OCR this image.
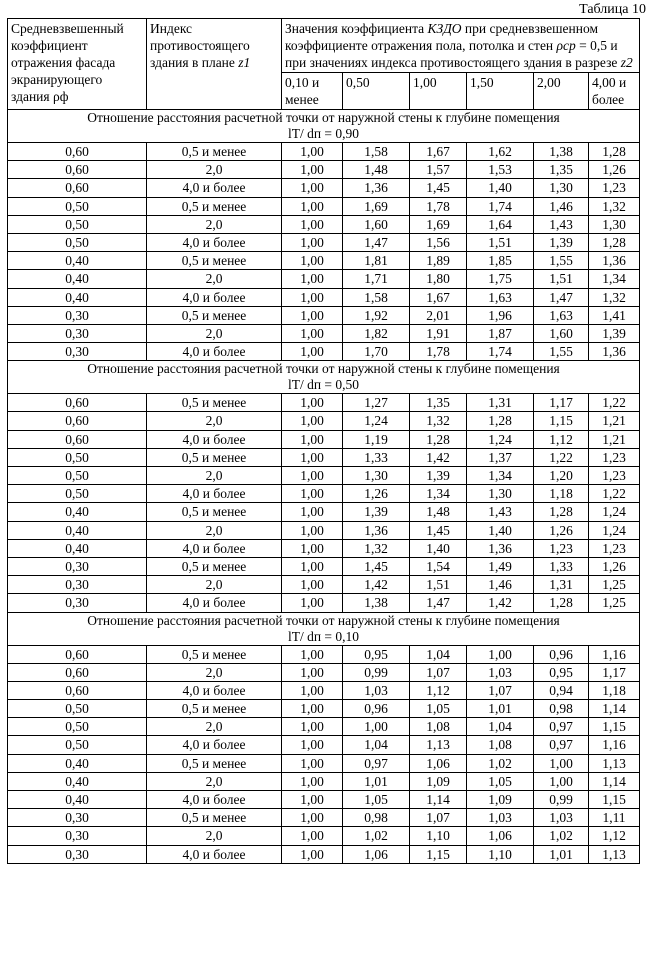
Таблица 10
Средневзвешенный коэффициент отражения фасада экранирующего здания ρф	Индекс противостоящего здания в плане z1	Значения коэффициента KЗДО при средневзвешенном коэффициенте отражения пола, потолка и стен ρср = 0,5 и при значениях индекса противостоящего здания в разрезе z2					
		0,10 и менее	0,50	1,00	1,50	2,00	4,00 и более

Отношение расстояния расчетной точки от наружной стены к глубине помещения
lT/ dп = 0,90							

0,60	0,5 и менее	1,00	1,58	1,67	1,62	1,38	1,28
0,60	2,0	1,00	1,48	1,57	1,53	1,35	1,26
0,60	4,0 и более	1,00	1,36	1,45	1,40	1,30	1,23
0,50	0,5 и менее	1,00	1,69	1,78	1,74	1,46	1,32
0,50	2,0	1,00	1,60	1,69	1,64	1,43	1,30
0,50	4,0 и более	1,00	1,47	1,56	1,51	1,39	1,28
0,40	0,5 и менее	1,00	1,81	1,89	1,85	1,55	1,36
0,40	2,0	1,00	1,71	1,80	1,75	1,51	1,34
0,40	4,0 и более	1,00	1,58	1,67	1,63	1,47	1,32
0,30	0,5 и менее	1,00	1,92	2,01	1,96	1,63	1,41
0,30	2,0	1,00	1,82	1,91	1,87	1,60	1,39
0,30	4,0 и более	1,00	1,70	1,78	1,74	1,55	1,36

Отношение расстояния расчетной точки от наружной стены к глубине помещения
lT/ dп = 0,50							

0,60	0,5 и менее	1,00	1,27	1,35	1,31	1,17	1,22
0,60	2,0	1,00	1,24	1,32	1,28	1,15	1,21
0,60	4,0 и более	1,00	1,19	1,28	1,24	1,12	1,21
0,50	0,5 и менее	1,00	1,33	1,42	1,37	1,22	1,23
0,50	2,0	1,00	1,30	1,39	1,34	1,20	1,23
0,50	4,0 и более	1,00	1,26	1,34	1,30	1,18	1,22
0,40	0,5 и менее	1,00	1,39	1,48	1,43	1,28	1,24
0,40	2,0	1,00	1,36	1,45	1,40	1,26	1,24
0,40	4,0 и более	1,00	1,32	1,40	1,36	1,23	1,23
0,30	0,5 и менее	1,00	1,45	1,54	1,49	1,33	1,26
0,30	2,0	1,00	1,42	1,51	1,46	1,31	1,25
0,30	4,0 и более	1,00	1,38	1,47	1,42	1,28	1,25

Отношение расстояния расчетной точки от наружной стены к глубине помещения
lT/ dп = 0,10							

0,60	0,5 и менее	1,00	0,95	1,04	1,00	0,96	1,16
0,60	2,0	1,00	0,99	1,07	1,03	0,95	1,17
0,60	4,0 и более	1,00	1,03	1,12	1,07	0,94	1,18
0,50	0,5 и менее	1,00	0,96	1,05	1,01	0,98	1,14
0,50	2,0	1,00	1,00	1,08	1,04	0,97	1,15
0,50	4,0 и более	1,00	1,04	1,13	1,08	0,97	1,16
0,40	0,5 и менее	1,00	0,97	1,06	1,02	1,00	1,13
0,40	2,0	1,00	1,01	1,09	1,05	1,00	1,14
0,40	4,0 и более	1,00	1,05	1,14	1,09	0,99	1,15
0,30	0,5 и менее	1,00	0,98	1,07	1,03	1,03	1,11
0,30	2,0	1,00	1,02	1,10	1,06	1,02	1,12
0,30	4,0 и более	1,00	1,06	1,15	1,10	1,01	1,13
